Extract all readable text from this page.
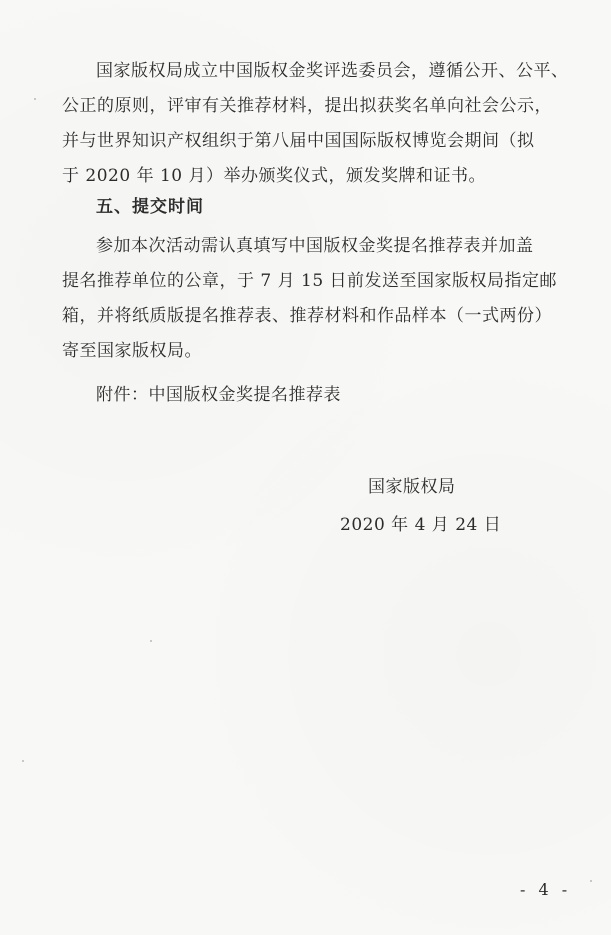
国家版权局成立中国版权金奖评选委员会，遵循公开、公平、
公正的原则，评审有关推荐材料，提出拟获奖名单向社会公示，
并与世界知识产权组织于第八届中国国际版权博览会期间（拟
于 2020 年 10 月）举办颁奖仪式，颁发奖牌和证书。
五、提交时间
参加本次活动需认真填写中国版权金奖提名推荐表并加盖
提名推荐单位的公章，于 7 月 15 日前发送至国家版权局指定邮
箱，并将纸质版提名推荐表、推荐材料和作品样本（一式两份）
寄至国家版权局。
附件：中国版权金奖提名推荐表
国家版权局
2020 年 4 月 24 日
- 4 -
